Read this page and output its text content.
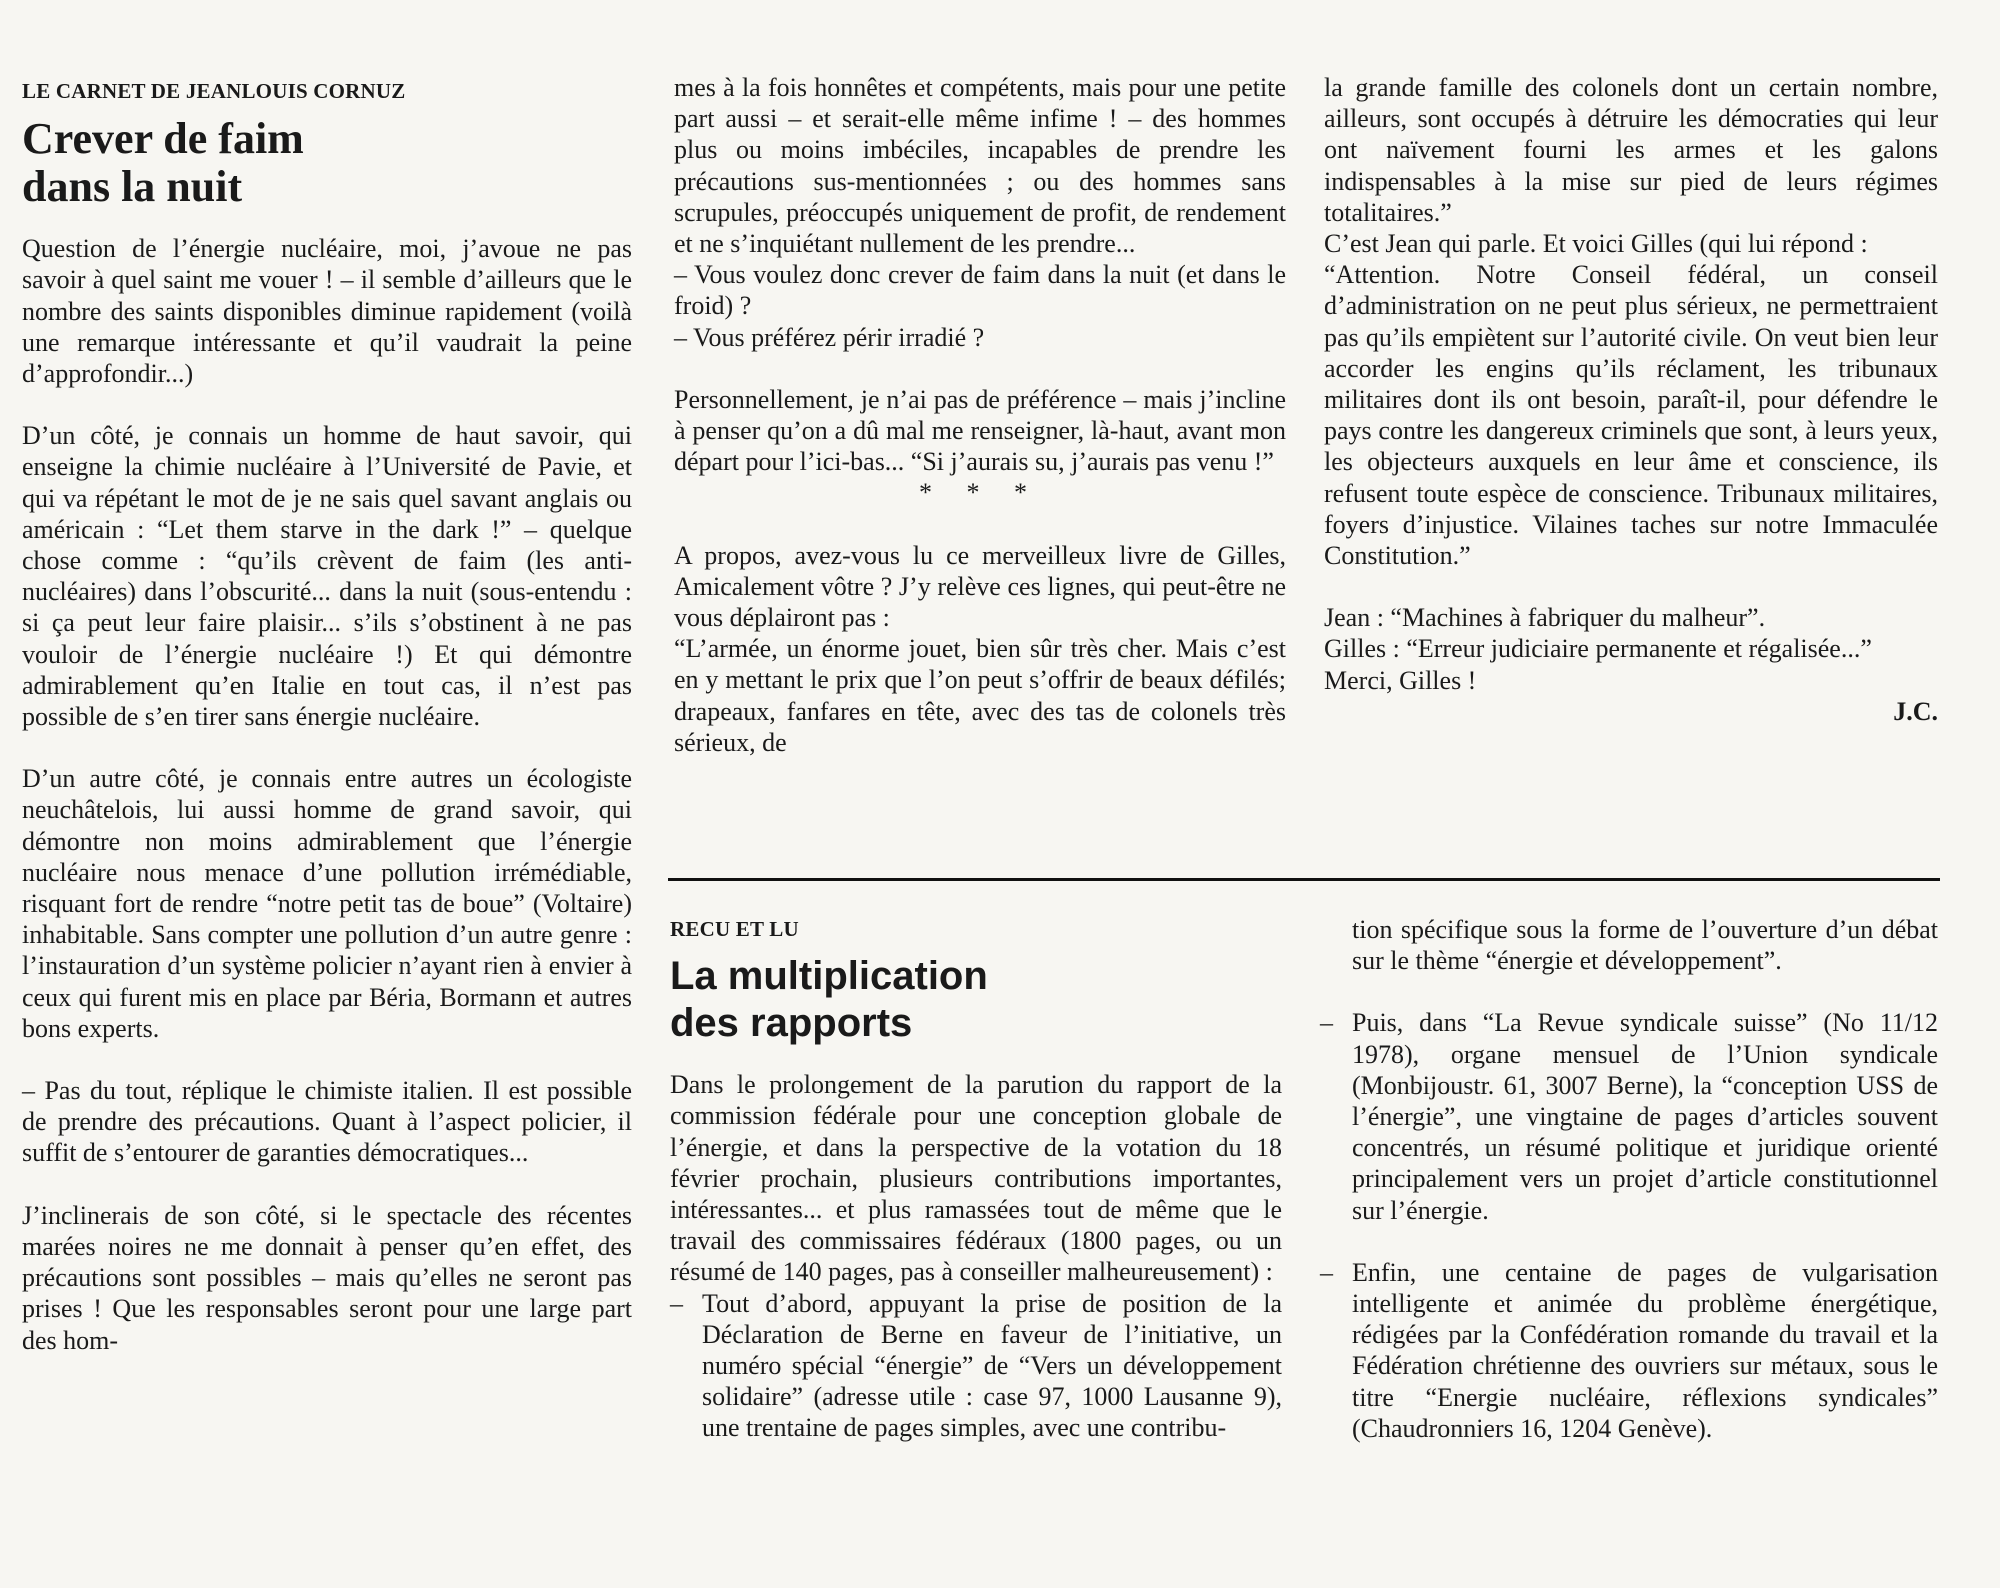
LE CARNET DE JEANLOUIS CORNUZ
Crever de faim
dans la nuit

Question de l’énergie nucléaire, moi, j’avoue ne pas savoir à quel saint me vouer ! – il semble d’ailleurs que le nombre des saints disponibles diminue rapidement (voilà une remarque intéressante et qu’il vaudrait la peine d’approfondir...)

D’un côté, je connais un homme de haut savoir, qui enseigne la chimie nucléaire à l’Université de Pavie, et qui va répétant le mot de je ne sais quel savant anglais ou américain : “Let them starve in the dark !” – quelque chose comme : “qu’ils crèvent de faim (les anti-nucléaires) dans l’obscurité... dans la nuit (sous-entendu : si ça peut leur faire plaisir... s’ils s’obstinent à ne pas vouloir de l’énergie nucléaire !) Et qui démontre admirablement qu’en Italie en tout cas, il n’est pas possible de s’en tirer sans énergie nucléaire.

D’un autre côté, je connais entre autres un écologiste neuchâtelois, lui aussi homme de grand savoir, qui démontre non moins admirablement que l’énergie nucléaire nous menace d’une pollution irrémédiable, risquant fort de rendre “notre petit tas de boue” (Voltaire) inhabitable. Sans compter une pollution d’un autre genre : l’instauration d’un système policier n’ayant rien à envier à ceux qui furent mis en place par Béria, Bormann et autres bons experts.

– Pas du tout, réplique le chimiste italien. Il est possible de prendre des précautions. Quant à l’aspect policier, il suffit de s’entourer de garanties démocratiques...

J’inclinerais de son côté, si le spectacle des récentes marées noires ne me donnait à penser qu’en effet, des précautions sont possibles – mais qu’elles ne seront pas prises ! Que les responsables seront pour une large part des hom-

mes à la fois honnêtes et compétents, mais pour une petite part aussi – et serait-elle même infime ! – des hommes plus ou moins imbéciles, incapables de prendre les précautions sus-mentionnées ; ou des hommes sans scrupules, préoccupés uniquement de profit, de rendement et ne s’inquiétant nullement de les prendre...

– Vous voulez donc crever de faim dans la nuit (et dans le froid) ?

– Vous préférez périr irradié ?

Personnellement, je n’ai pas de préférence – mais j’incline à penser qu’on a dû mal me renseigner, là-haut, avant mon départ pour l’ici-bas... “Si j’aurais su, j’aurais pas venu !”

* * *

A propos, avez-vous lu ce merveilleux livre de Gilles, Amicalement vôtre ? J’y relève ces lignes, qui peut-être ne vous déplairont pas :

“L’armée, un énorme jouet, bien sûr très cher. Mais c’est en y mettant le prix que l’on peut s’offrir de beaux défilés; drapeaux, fanfares en tête, avec des tas de colonels très sérieux, de

la grande famille des colonels dont un certain nombre, ailleurs, sont occupés à détruire les démocraties qui leur ont naïvement fourni les armes et les galons indispensables à la mise sur pied de leurs régimes totalitaires.”

C’est Jean qui parle. Et voici Gilles (qui lui répond :

“Attention. Notre Conseil fédéral, un conseil d’administration on ne peut plus sérieux, ne permettraient pas qu’ils empiètent sur l’autorité civile. On veut bien leur accorder les engins qu’ils réclament, les tribunaux militaires dont ils ont besoin, paraît-il, pour défendre le pays contre les dangereux criminels que sont, à leurs yeux, les objecteurs auxquels en leur âme et conscience, ils refusent toute espèce de conscience. Tribunaux militaires, foyers d’injustice. Vilaines taches sur notre Immaculée Constitution.”

Jean : “Machines à fabriquer du malheur”.

Gilles : “Erreur judiciaire permanente et régalisée...”

Merci, Gilles !

J.C.

RECU ET LU
La multiplication
des rapports

Dans le prolongement de la parution du rapport de la commission fédérale pour une conception globale de l’énergie, et dans la perspective de la votation du 18 février prochain, plusieurs contributions importantes, intéressantes... et plus ramassées tout de même que le travail des commissaires fédéraux (1800 pages, ou un résumé de 140 pages, pas à conseiller malheureusement) :

– Tout d’abord, appuyant la prise de position de la Déclaration de Berne en faveur de l’initiative, un numéro spécial “énergie” de “Vers un développement solidaire” (adresse utile : case 97, 1000 Lausanne 9), une trentaine de pages simples, avec une contribu-
tion spécifique sous la forme de l’ouverture d’un débat sur le thème “énergie et développement”.
– Puis, dans “La Revue syndicale suisse” (No 11/12 1978), organe mensuel de l’Union syndicale (Monbijoustr. 61, 3007 Berne), la “conception USS de l’énergie”, une vingtaine de pages d’articles souvent concentrés, un résumé politique et juridique orienté principalement vers un projet d’article constitutionnel sur l’énergie.
– Enfin, une centaine de pages de vulgarisation intelligente et animée du problème énergétique, rédigées par la Confédération romande du travail et la Fédération chrétienne des ouvriers sur métaux, sous le titre “Energie nucléaire, réflexions syndicales” (Chaudronniers 16, 1204 Genève).
